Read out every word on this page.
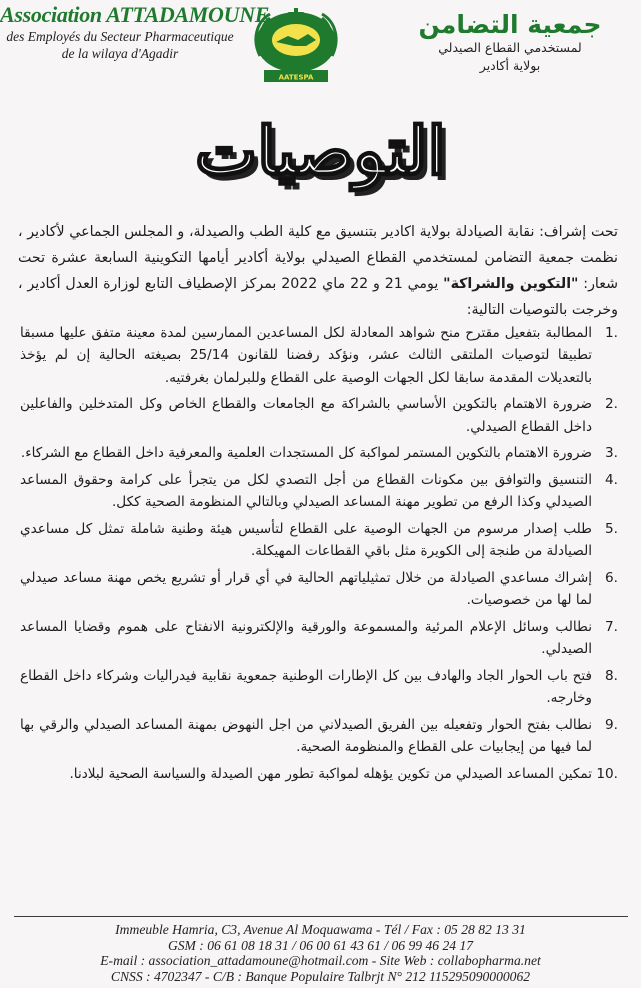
Association ATTADAMOUNE
des Employés du Secteur Pharmaceutique
de la wilaya d'Agadir
AATESPA
جمعية التضامن
لمستخدمي القطاع الصيدلي
بولاية أكادير
التوصيات

تحت إشراف: نقابة الصيادلة بولاية اكادير بتنسيق مع كلية الطب والصيدلة، و المجلس الجماعي لأكادير ، نظمت جمعية التضامن لمستخدمي القطاع الصيدلي بولاية أكادير أيامها التكوينية السابعة عشرة تحت شعار: "التكوين والشراكة" يومي 21 و 22 ماي 2022 بمركز الإصطياف التابع لوزارة العدل أكادير ، وخرجت بالتوصيات التالية:

1.
المطالبة بتفعيل مقترح منح شواهد المعادلة لكل المساعدين الممارسين لمدة معينة متفق عليها مسبقا تطبيقا لتوصيات الملتقى الثالث عشر، ونؤكد رفضنا للقانون 25/14 بصيغته الحالية إن لم يؤخذ بالتعديلات المقدمة سابقا لكل الجهات الوصية على القطاع وللبرلمان بغرفتيه.
2.
ضرورة الاهتمام بالتكوين الأساسي بالشراكة مع الجامعات والقطاع الخاص وكل المتدخلين والفاعلين داخل القطاع الصيدلي.
3.
ضرورة الاهتمام بالتكوين المستمر لمواكبة كل المستجدات العلمية والمعرفية داخل القطاع مع الشركاء.
4.
التنسيق والتوافق بين مكونات القطاع من أجل التصدي لكل من يتجرأ على كرامة وحقوق المساعد الصيدلي وكذا الرفع من تطوير مهنة المساعد الصيدلي وبالتالي المنظومة الصحية ككل.
5.
طلب إصدار مرسوم من الجهات الوصية على القطاع لتأسيس هيئة وطنية شاملة تمثل كل مساعدي الصيادلة من طنجة إلى الكويرة مثل باقي القطاعات المهيكلة.
6.
إشراك مساعدي الصيادلة من خلال تمثيلياتهم الحالية في أي قرار أو تشريع يخص مهنة مساعد صيدلي لما لها من خصوصيات.
7.
نطالب وسائل الإعلام المرئية والمسموعة والورقية والإلكترونية الانفتاح على هموم وقضايا المساعد الصيدلي.
8.
فتح باب الحوار الجاد والهادف بين كل الإطارات الوطنية جمعوية نقابية فيدراليات وشركاء داخل القطاع وخارجه.
9.
نطالب بفتح الحوار وتفعيله بين الفريق الصيدلاني من اجل النهوض بمهنة المساعد الصيدلي والرقي بها لما فيها من إيجابيات على القطاع والمنظومة الصحية.
10.
تمكين المساعد الصيدلي من تكوين يؤهله لمواكبة تطور مهن الصيدلة والسياسة الصحية لبلادنا.
Immeuble Hamria, C3, Avenue Al Moquawama - Tél / Fax : 05 28 82 13 31
GSM : 06 61 08 18 31 / 06 00 61 43 61 / 06 99 46 24 17
E-mail : association_attadamoune@hotmail.com - Site Web : collabopharma.net
CNSS : 4702347 - C/B : Banque Populaire Talbrjt N° 212 115295090000062
